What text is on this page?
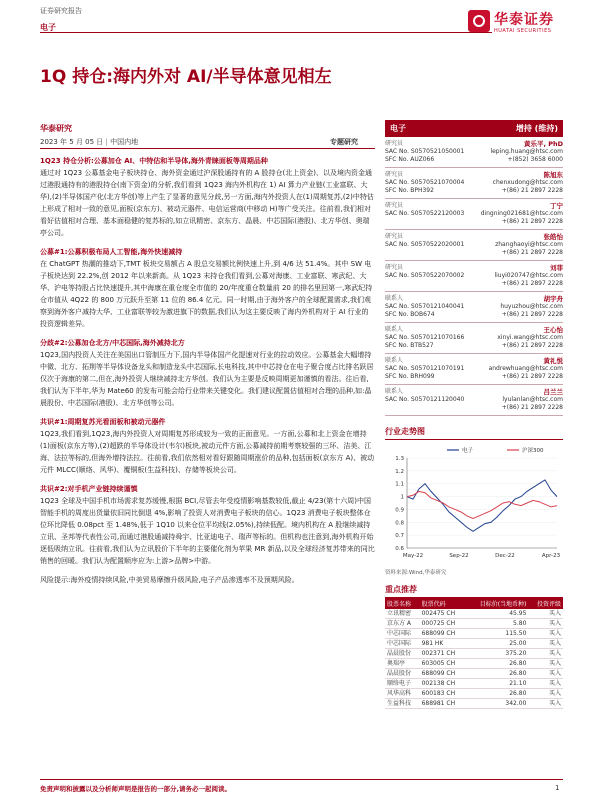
证券研究报告
电子	华泰证券
HUATAI SECURITIES
1Q 持仓:海内外对 AI/半导体意见相左
华泰研究
2023 年 5 月 05 日 | 中国内地	专题研究
1Q23 持仓分析:公募加仓 AI、中特估和半导体,海外青睐面板等周期品种
通过对 1Q23 公募基金电子板块持仓、海外资金通过沪深股通持有的 A 股持仓(北上资金)、以及境内资金通过港股通持有的港股持仓(南下资金)的分析,我们看到 1Q23 海内外机构在 1) AI 算力产业链(工业富联、大华),(2)半导体国产化(北方华创)等上产生了显著的意见分歧,另一方面,海内外投资人在(1)周期复苏,(2)中特估上形成了相对一致的意见,面板(京东方)、被动元器件、电信运营商(中移动 H)等广受关注。往前看,我们相对看好估值相对合理、基本面稳健的复苏标的,如立讯精密、京东方、晶晨、中芯国际(港股)、北方华创、奥瑞亭公司。
公募#1:公募积极布局人工智能,海外快速减持
在 ChatGPT 热潮的推动下,TMT 板块交易额占 A 股总交易额比例快速上升,到 4/6 达 51.4%。其中 SW 电子板块达到 22.2%,创 2012 年以来新高。从 1Q23 末持仓我们看到,公募对海康、工业富联、寒武纪、大华、沪电等持股占比快速提升,其中海康在重仓度全市值的 20/年度重仓数量前 20 的排名里回第一,寒武纪持仓市值从 4Q22 的 800 万元跃升至第 11 位的 86.4 亿元。同一时期,由于海外客户的全球配置需求,我们观察到海外客户减持大华、工业富联等较为激进旗下的数据,我们认为这主要反映了海内外机构对于 AI 行业的投资逻辑差异。
分歧#2:公募加仓北方/中芯国际,海外减持北方
1Q23,国内投资人关注在美国出口管制压力下,国内半导体国产化提速对行业的拉动效应。公募基金大幅增持中微、北方、拓荆等半导体设备龙头和制造龙头中芯国际,长电科技,其中中芯持仓在电子聚合度占比排名跃居仅次于海康的第二,但在,海外投资人继续减持北方华创。我们认为主要是反映周期更加谨慎的看法。往后看,我们认为下半年,华为 Mate60 的发布可能会给行业带来关键变化。我们建议配置估值相对合理的品种,如:晶晨股份、中芯国际(港股)、北方华创等公司。
共识#1:周期复苏光看面板和被动元器件
1Q23,我们看到,1Q23,海内外投资人对周期复苏形成较为一致的正面意见。一方面,公募和北上资金在增持(1)面板(京东方等),(2)超跌的半导体设计(韦尔)板块,被动元件方面,公募减持前期考察较强的三环、洁美、江海、法拉等标的,但海外增持法拉。往前看,我们依然相对看好跟随周期涨价的品种,包括面板(京东方 A)、被动元件 MLCC(顺络、风华)、覆铜板(生益科技)、存储等板块公司。
共识#2:对手机产业链持续谨慎
1Q23 全球及中国手机市场需求复苏缓慢,根据 BCI,尽管去年受疫情影响基数较低,截止 4/23(第十六周)中国智能手机的周度出货量依旧同比倒退 4%,影响了投资人对消费电子板块的信心。1Q23 消费电子板块整体仓位环比降低 0.08pct 至 1.48%,低于 1Q10 以来仓位平均线(2.05%),持续低配。境内机构在 A 股继续减持立讯、圣邦等代表性公司,而通过港股通减持舜宇、比亚迪电子、瑞声等标的。但机构也注意到,海外机构开始逐低吸纳立讯。往前看,我们认为立讯股价下半年的主要催化剂为苹果 MR 新品,以及全球经济复苏带来的同比销售的回暖。我们认为配置顺序应为:上游>品牌>中游。
风险提示:海外疫情持续风险,中美贸易摩擦升级风险,电子产品渗透率不及预期风险。
电子	增持 (维持)
研究员	黄乐平, PhD
SAC No. S0570521050001	leping.huang@htsc.com
SFC No. AUZ066	+(852) 3658 6000
研究员	陈旭东
SAC No. S0570521070004	chenxudong@htsc.com
SFC No. BPH392	+(86) 21 2897 2228
研究员	丁宁
SAC No. S0570522120003	dingning021681@htsc.com
+(86) 21 2897 2228
研究员	张皓怡
SAC No. S0570522020001	zhanghaoyi@htsc.com
+(86) 21 2897 2228
研究员	刘菲
SAC No. S0570522070002	liuyi020747@htsc.com
+(86) 21 2897 2228
联系人	胡宇舟
SAC No. S0570121040041	huyuzhou@htsc.com
SFC No. BOB674	+(86) 21 2897 2228
联系人	王心怡
SAC No. S0570121070166	xinyi.wang@htsc.com
SFC No. BTB527	+(86) 21 2897 2228
联系人	黄礼悦
SAC No. S0570121070191	andrewhuang@htsc.com
SFC No. BRH099	+(86) 21 2897 2228
联系人	吕兰兰
SAC No. S0570121120040	lyulanlan@htsc.com
+(86) 21 2897 2228
行业走势图
0.6
0.7
0.8
0.9
1
1.1
1.2
1.3
May-22	Sep-22	Dec-22	Apr-23
电子	沪深300
资料来源:Wind,华泰研究
重点推荐
股票名称	股票代码	目标价(当地币种)	投资评级
立讯精密	002475 CH	45.95	买入
京东方 A	000725 CH	5.80	买入
中芯国际	688099 CH	115.50	买入
中芯国际	981 HK	25.00	买入
晶晨股份	002371 CH	375.20	买入
奥瑞亭	603005 CH	26.80	买入
晶晨股份	688099 CH	26.80	买入
顺络电子	002138 CH	21.10	买入
风华高科	600183 CH	26.80	买入
生益科技	688981 CH	342.00	买入
免责声明和披露以及分析师声明是报告的一部分,请务必一起阅读。	1
